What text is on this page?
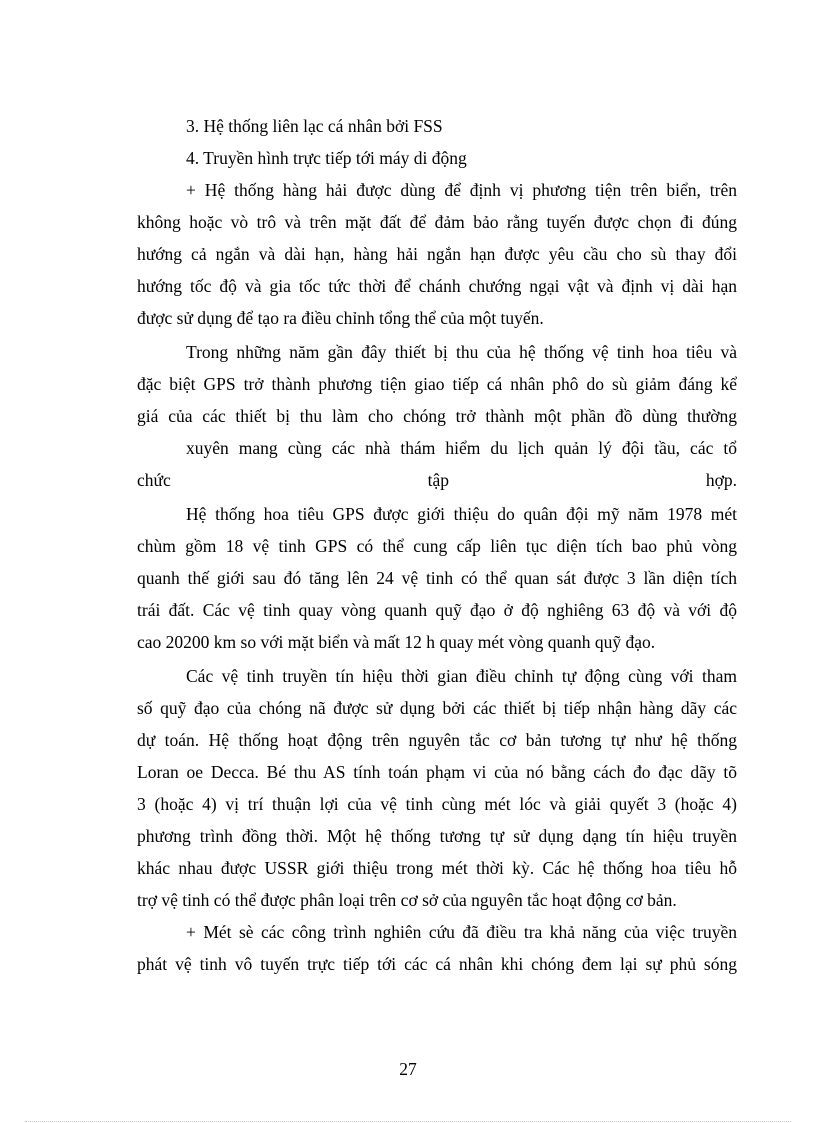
3. Hệ thống liên lạc cá nhân bởi FSS
4. Truyền hình trực tiếp tới máy di động
+ Hệ thống hàng hải được dùng để định vị phương tiện trên biển, trên
không hoặc vò trô và trên mặt đất để đảm bảo rằng tuyến được chọn đi đúng
hướng cả ngắn và dài hạn, hàng hải ngắn hạn được yêu cầu cho sù thay đổi
hướng tốc độ và gia tốc tức thời để chánh chướng ngại vật và định vị dài hạn
được sử dụng để tạo ra điều chỉnh tổng thể của một tuyến.
Trong những năm gần đây thiết bị thu của hệ thống vệ tinh hoa tiêu và
đặc biệt GPS trở thành phương tiện giao tiếp cá nhân phô do sù giảm đáng kể
giá của các thiết bị thu làm cho chóng trở thành một phần đồ dùng thường
xuyên mang cùng các nhà thám hiểm du lịch quản lý đội tầu, các tổ
chức tập hợp.
Hệ thống hoa tiêu GPS được giới thiệu do quân đội mỹ năm 1978 mét
chùm gồm 18 vệ tinh GPS có thể cung cấp liên tục diện tích bao phủ vòng
quanh thế giới sau đó tăng lên 24 vệ tinh có thể quan sát được 3 lần diện tích
trái đất. Các vệ tinh quay vòng quanh quỹ đạo ở độ nghiêng 63 độ và với độ
cao 20200 km so với mặt biển và mất 12 h quay mét vòng quanh quỹ đạo.
Các vệ tinh truyền tín hiệu thời gian điều chỉnh tự động cùng với tham
số quỹ đạo của chóng nã được sử dụng bởi các thiết bị tiếp nhận hàng dãy các
dự toán. Hệ thống hoạt động trên nguyên tắc cơ bản tương tự như hệ thống
Loran oe Decca. Bé thu AS tính toán phạm vi của nó bằng cách đo đạc dãy tõ
3 (hoặc 4) vị trí thuận lợi của vệ tinh cùng mét lóc và giải quyết 3 (hoặc 4)
phương trình đồng thời. Một hệ thống tương tự sử dụng dạng tín hiệu truyền
khác nhau được USSR giới thiệu trong mét thời kỳ. Các hệ thống hoa tiêu hỗ
trợ vệ tinh có thể được phân loại trên cơ sở của nguyên tắc hoạt động cơ bản.
+ Mét sè các công trình nghiên cứu đã điều tra khả năng của việc truyền
phát vệ tinh vô tuyến trực tiếp tới các cá nhân khi chóng đem lại sự phủ sóng
27
